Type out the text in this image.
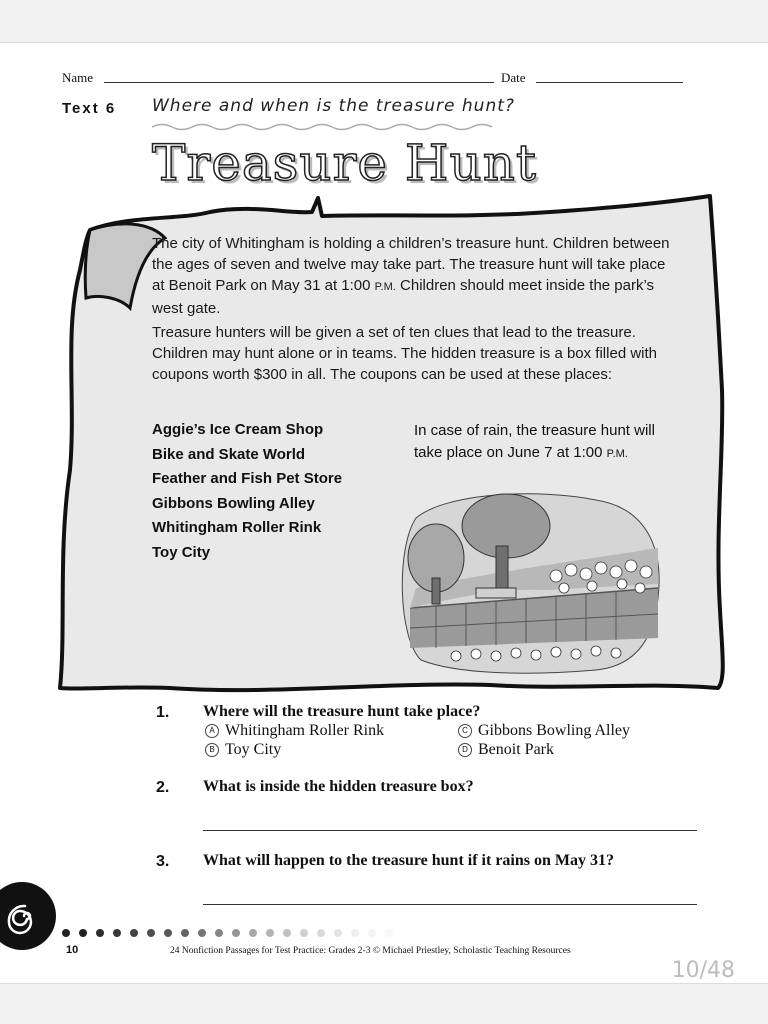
Name	Date
Text 6 Where and when is the treasure hunt?
Treasure Hunt
The city of Whitingham is holding a children’s treasure hunt. Children between the ages of seven and twelve may take part. The treasure hunt will take place at Benoit Park on May 31 at 1:00 P.M. Children should meet inside the park’s west gate.
Treasure hunters will be given a set of ten clues that lead to the treasure. Children may hunt alone or in teams. The hidden treasure is a box filled with coupons worth $300 in all. The coupons can be used at these places:
Aggie’s Ice Cream Shop
Bike and Skate World
Feather and Fish Pet Store
Gibbons Bowling Alley
Whitingham Roller Rink
Toy City
In case of rain, the treasure hunt will take place on June 7 at 1:00 P.M.
1. Where will the treasure hunt take place?
A Whitingham Roller Rink
B Toy City
C Gibbons Bowling Alley
D Benoit Park
2. What is inside the hidden treasure box?
3. What will happen to the treasure hunt if it rains on May 31?
10	24 Nonfiction Passages for Test Practice: Grades 2-3 © Michael Priestley, Scholastic Teaching Resources
10/48
